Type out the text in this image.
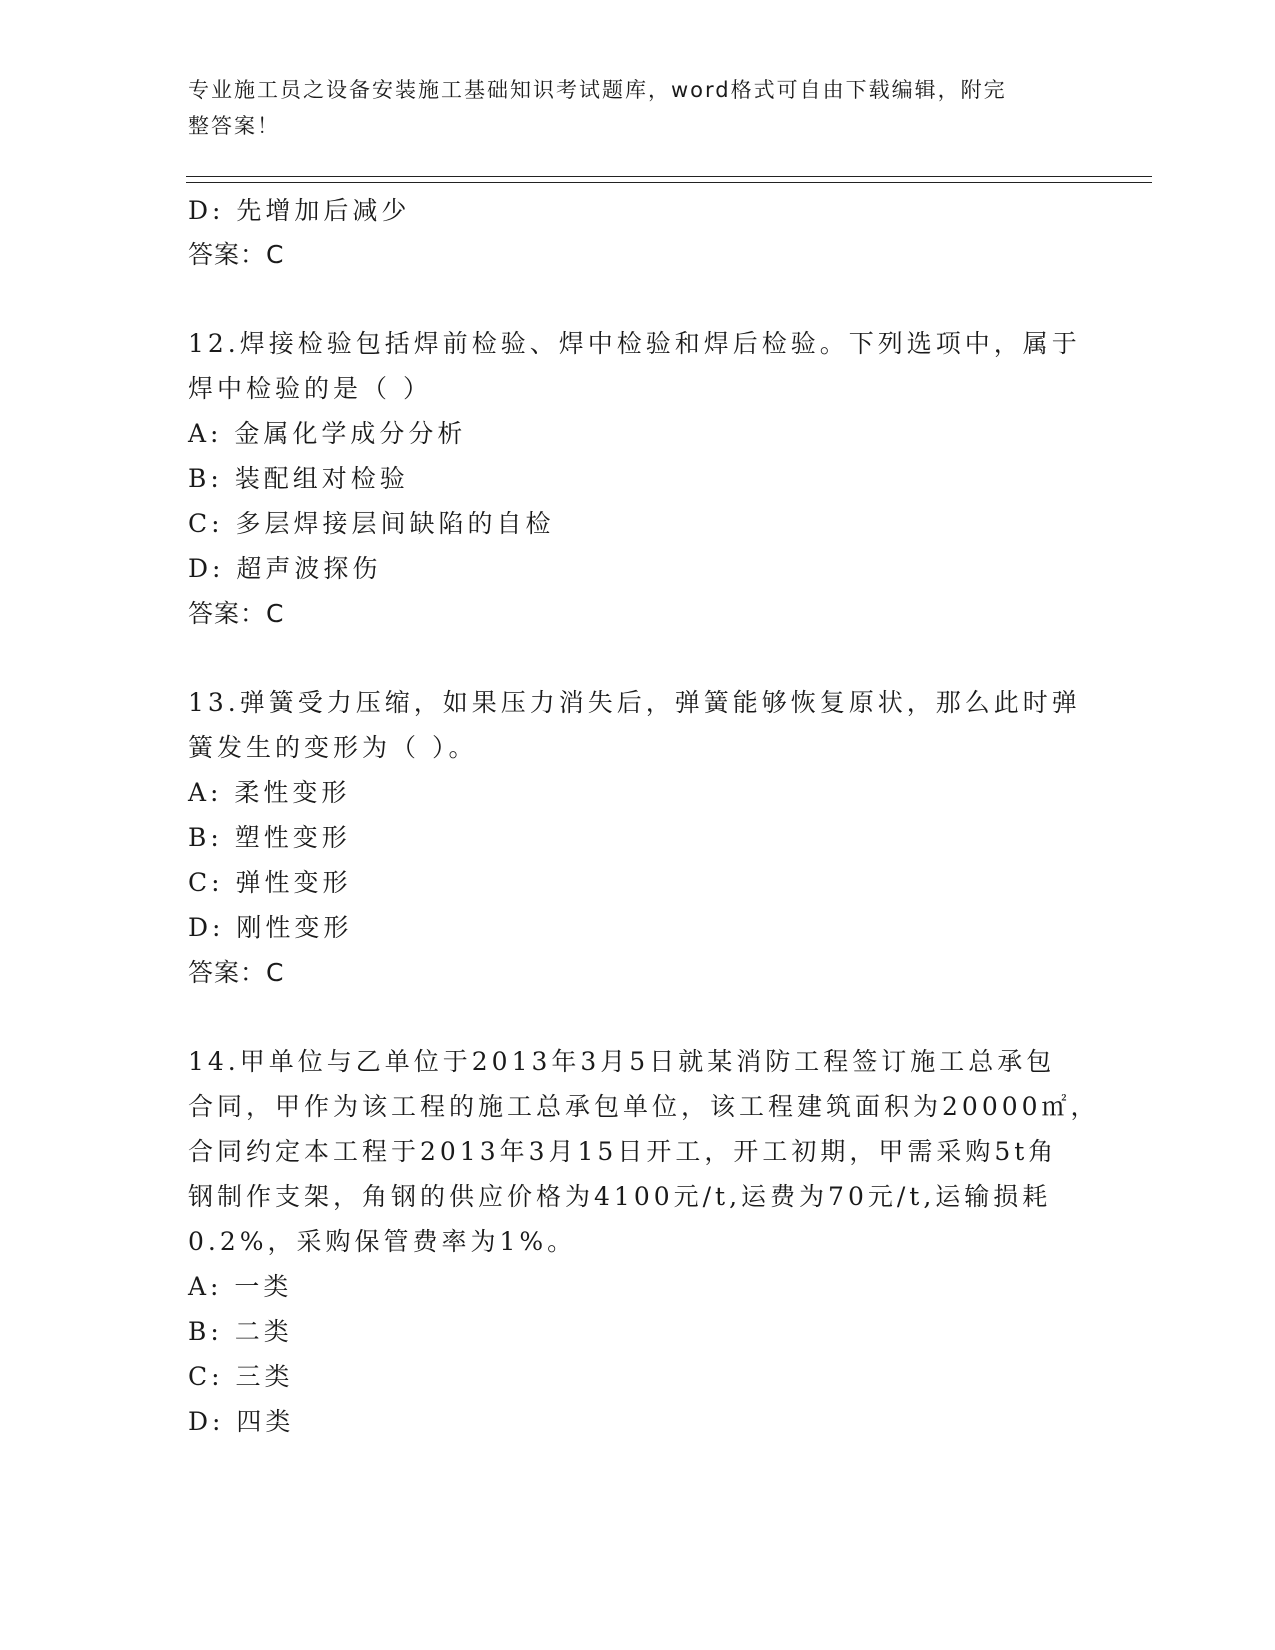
专业施工员之设备安装施工基础知识考试题库，word格式可自由下载编辑，附完
整答案！
D: 先增加后减少
答案：C
12.焊接检验包括焊前检验、焊中检验和焊后检验。下列选项中，属于
焊中检验的是（ ）
A: 金属化学成分分析
B: 装配组对检验
C: 多层焊接层间缺陷的自检
D: 超声波探伤
答案：C
13.弹簧受力压缩，如果压力消失后，弹簧能够恢复原状，那么此时弹
簧发生的变形为（ ）。
A: 柔性变形
B: 塑性变形
C: 弹性变形
D: 刚性变形
答案：C
14.甲单位与乙单位于2013年3月5日就某消防工程签订施工总承包
合同，甲作为该工程的施工总承包单位，该工程建筑面积为20000㎡，
合同约定本工程于2013年3月15日开工，开工初期，甲需采购5t角
钢制作支架，角钢的供应价格为4100元/t,运费为70元/t,运输损耗
0.2%，采购保管费率为1%。
A: 一类
B: 二类
C: 三类
D: 四类
